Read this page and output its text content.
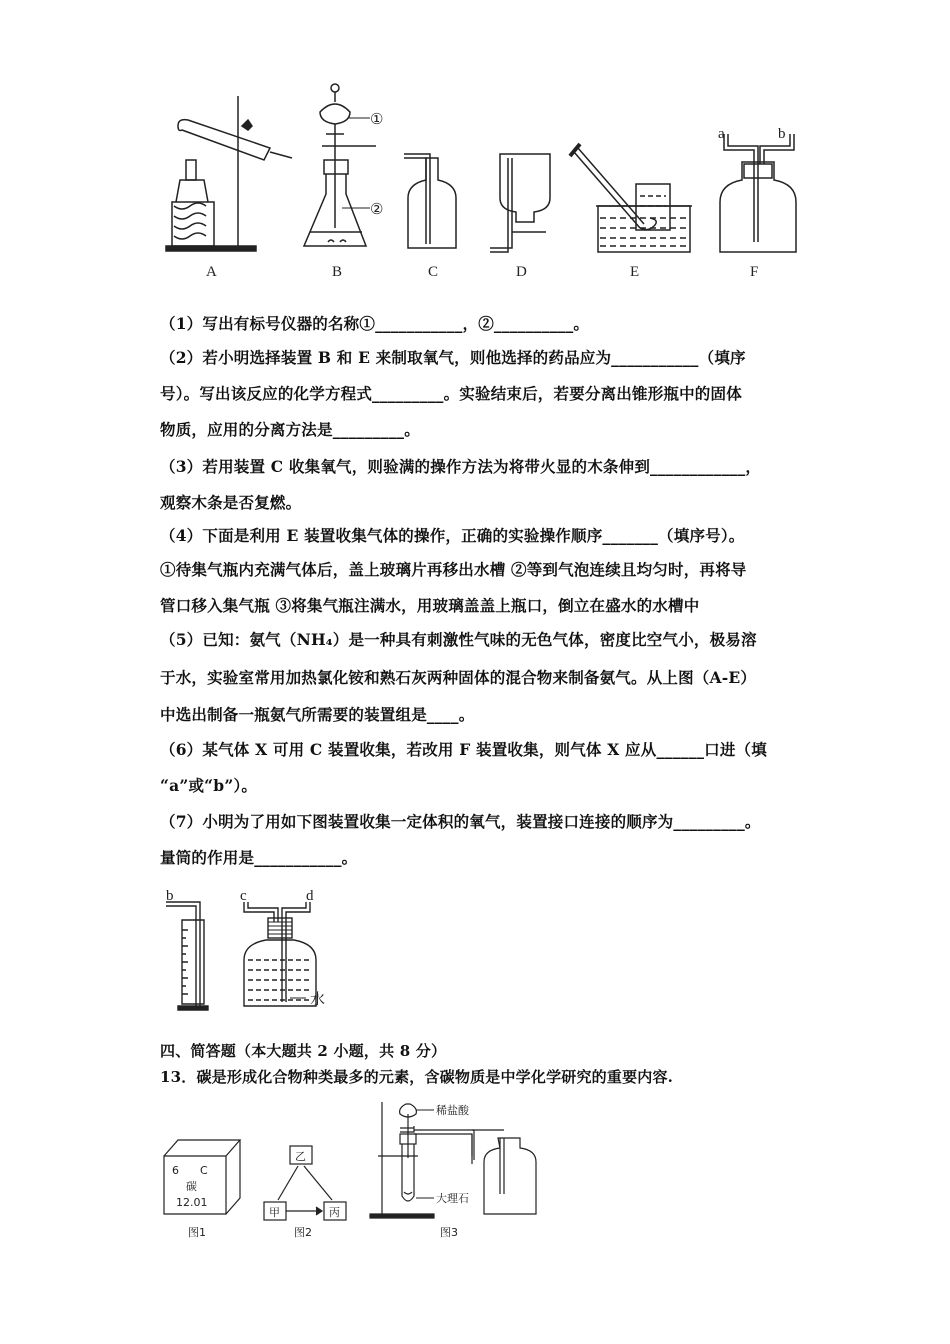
A	B	C	D	E	F
①
②
a	b
（1）写出有标号仪器的名称①___________，②__________。
（2）若小明选择装置 B 和 E 来制取氧气，则他选择的药品应为___________（填序
号）。写出该反应的化学方程式_________。实验结束后，若要分离出锥形瓶中的固体
物质，应用的分离方法是_________。
（3）若用装置 C 收集氧气，则验满的操作方法为将带火显的木条伸到____________，
观察木条是否复燃。
（4）下面是利用 E 装置收集气体的操作，正确的实验操作顺序_______（填序号）。
①待集气瓶内充满气体后，盖上玻璃片再移出水槽 ②等到气泡连续且均匀时，再将导
管口移入集气瓶 ③将集气瓶注满水，用玻璃盖盖上瓶口，倒立在盛水的水槽中
（5）已知：氨气（NH₄）是一种具有刺激性气味的无色气体，密度比空气小，极易溶
于水，实验室常用加热氯化铵和熟石灰两种固体的混合物来制备氨气。从上图（A-E）
中选出制备一瓶氨气所需要的装置组是____。
（6）某气体 X 可用 C 装置收集，若改用 F 装置收集，则气体 X 应从______口进（填
“a”或“b”）。
（7）小明为了用如下图装置收集一定体积的氧气，装置接口连接的顺序为_________。
量筒的作用是___________。
b	c	d
水
四、简答题（本大题共 2 小题，共 8 分）
13．碳是形成化合物种类最多的元素，含碳物质是中学化学研究的重要内容.
6 C
碳
12.01
图1
乙
甲	丙
图2
稀盐酸
大理石
图3
